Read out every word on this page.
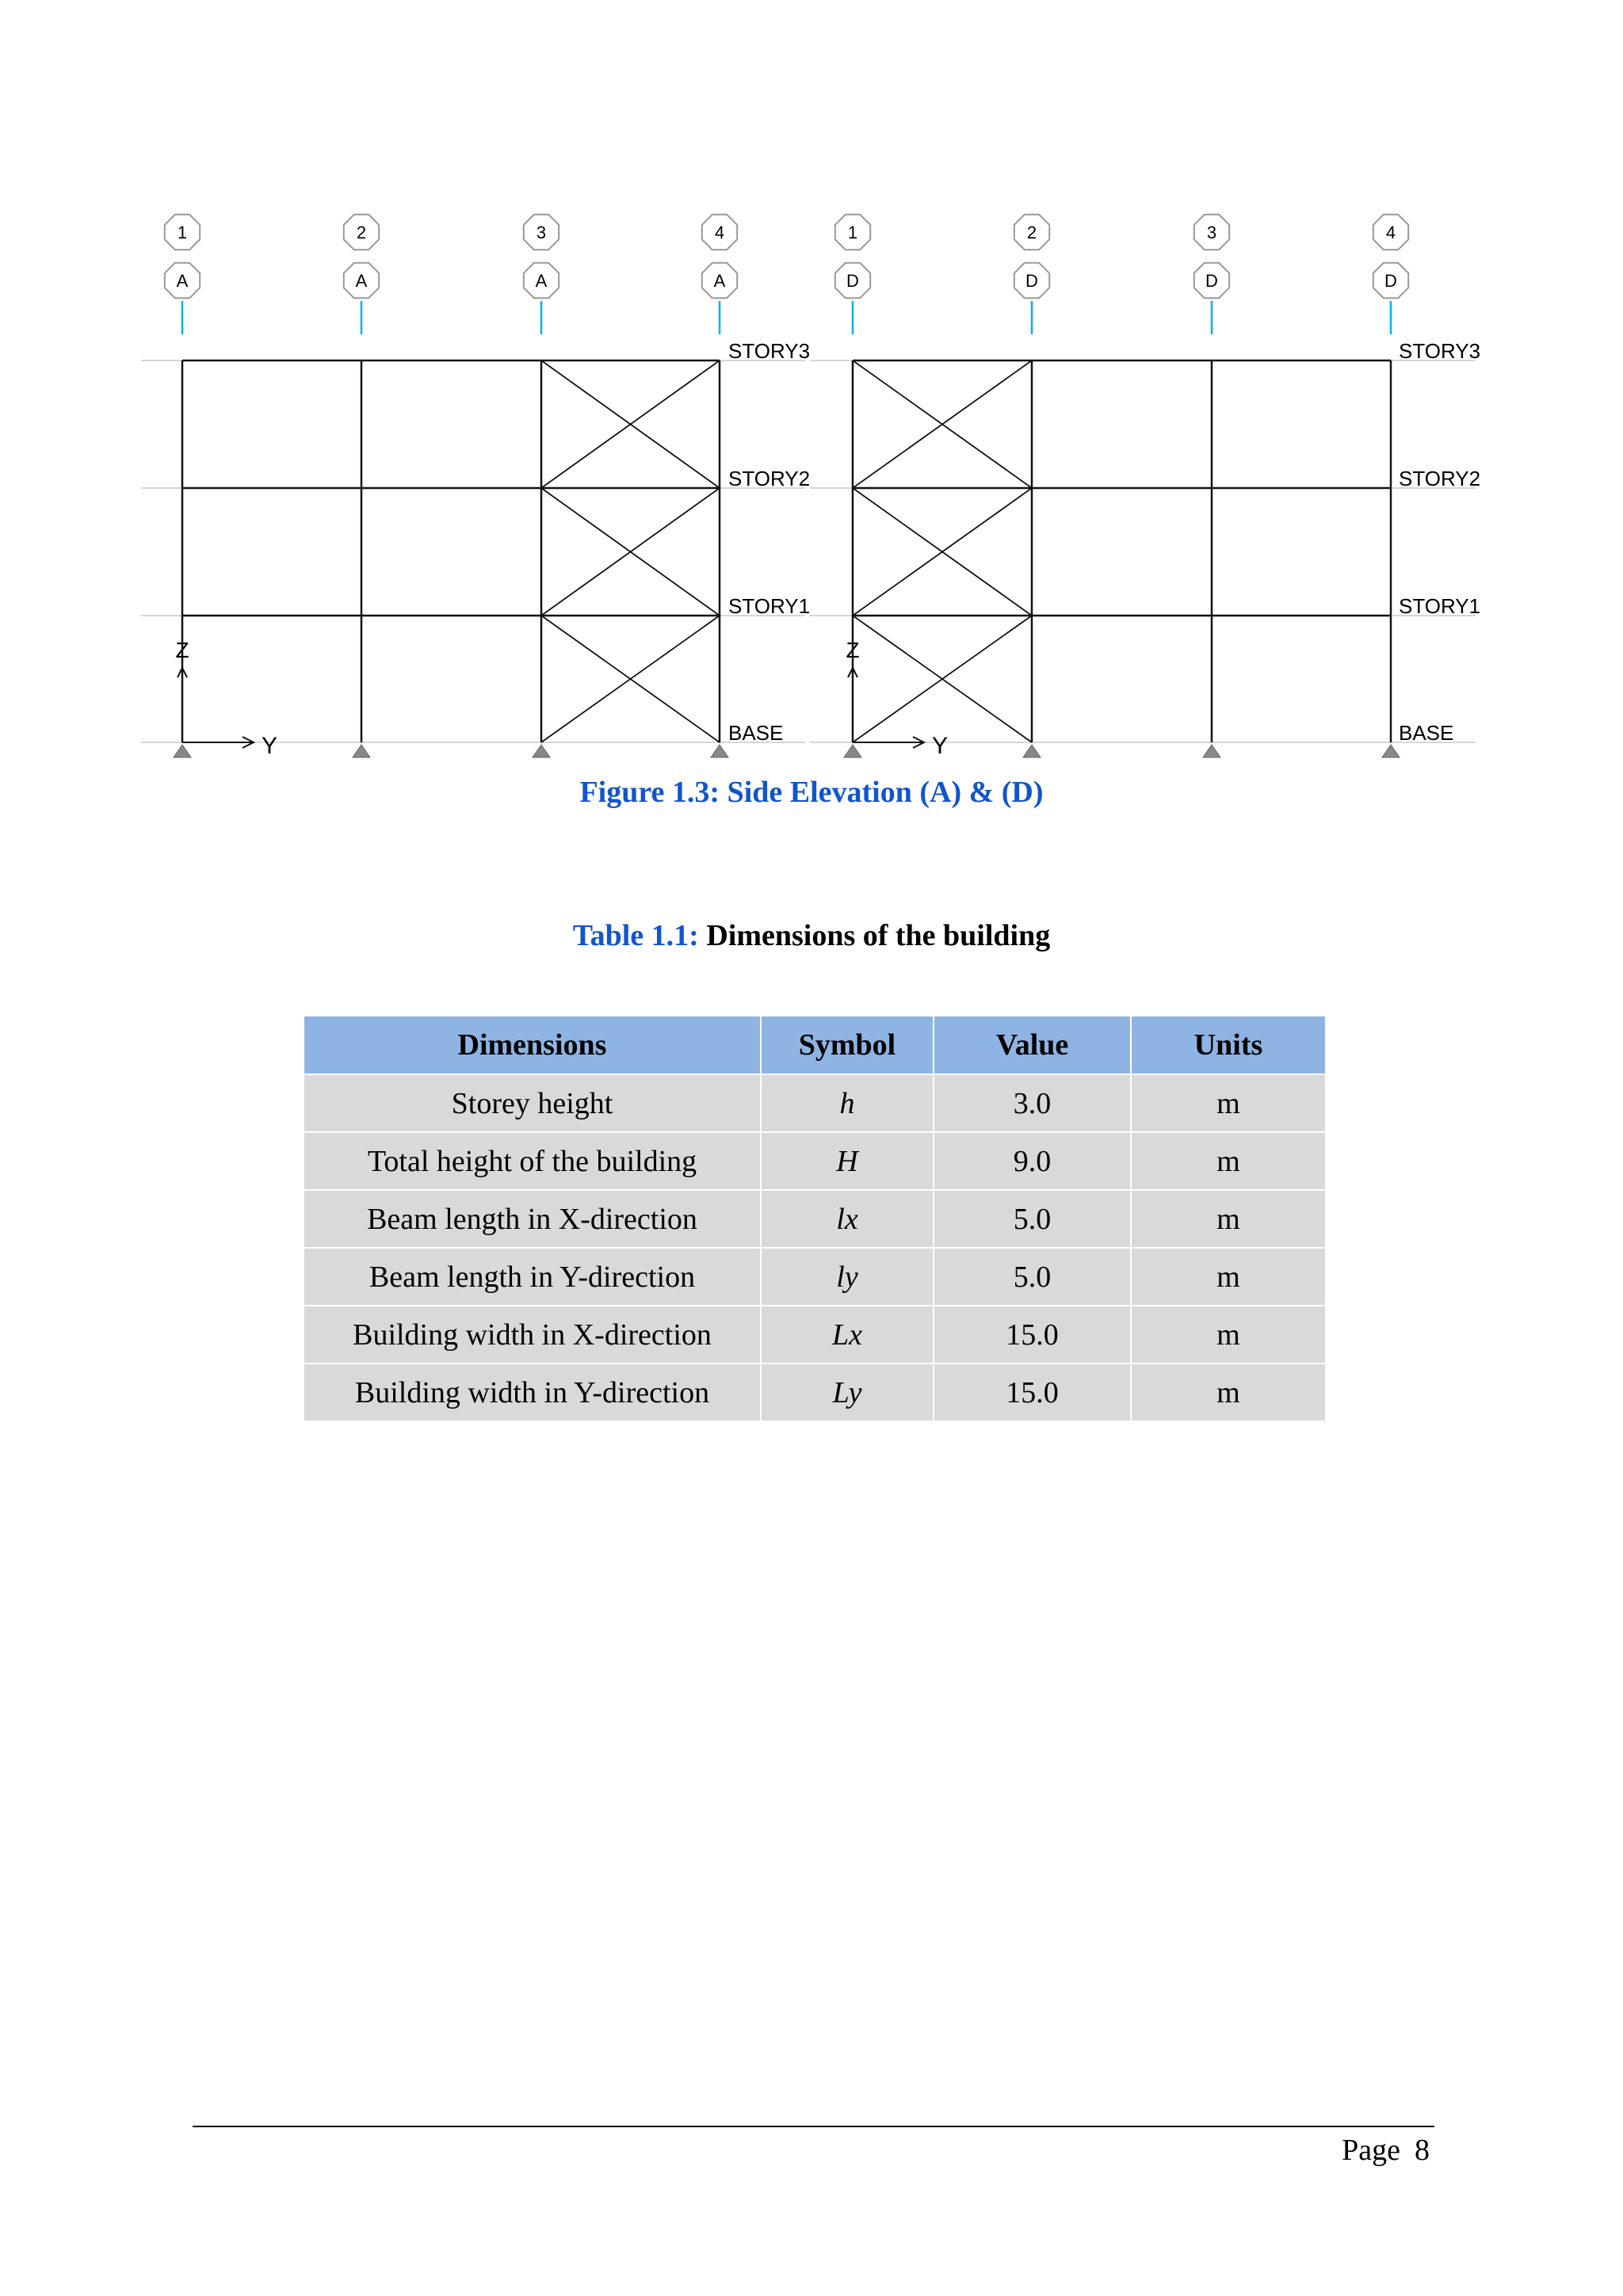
1
A
2
A
3
A
4
A
STORY3
STORY2
STORY1
BASE
Z
Y
1
D
2
D
3
D
4
D
STORY3
STORY2
STORY1
BASE
Z
Y
Figure 1.3: Side Elevation (A) & (D)
Table 1.1: Dimensions of the building
Dimensions	Symbol	Value	Units
Storey height	h	3.0	m
Total height of the building	H	9.0	m
Beam length in X-direction	lx	5.0	m
Beam length in Y-direction	ly	5.0	m
Building width in X-direction	Lx	15.0	m
Building width in Y-direction	Ly	15.0	m
Page 8
